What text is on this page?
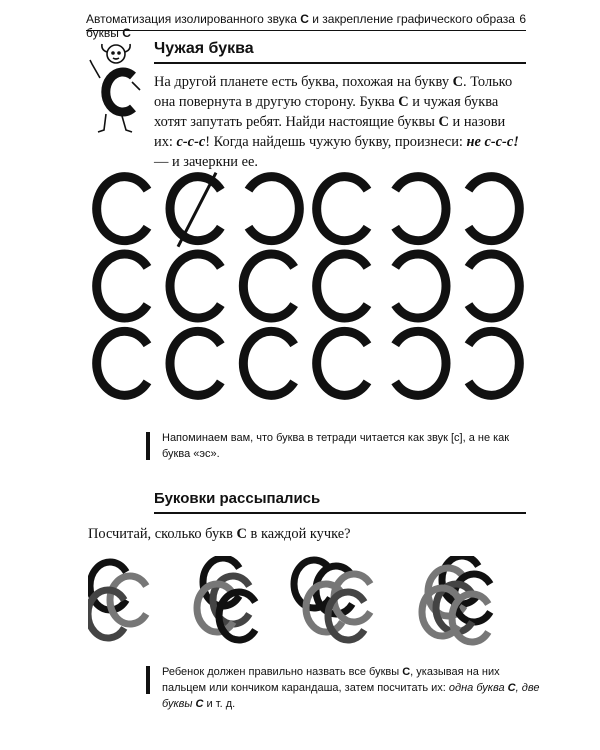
Автоматизация изолированного звука С и закрепление графического образа буквы С
6
Чужая буква
На другой планете есть буква, похожая на букву С. Только она повернута в другую сторону. Буква С и чужая буква хотят запутать ребят. Найди настоящие буквы С и назови их: с-с-с! Когда найдешь чужую букву, произнеси: не с-с-с! — и зачеркни ее.
Напоминаем вам, что буква в тетради читается как звук [с], а не как буква «эс».
Буковки рассыпались
Посчитай, сколько букв С в каждой кучке?
Ребенок должен правильно назвать все буквы С, указывая на них пальцем или кончиком карандаша, затем посчитать их: одна буква С, две буквы С и т. д.
